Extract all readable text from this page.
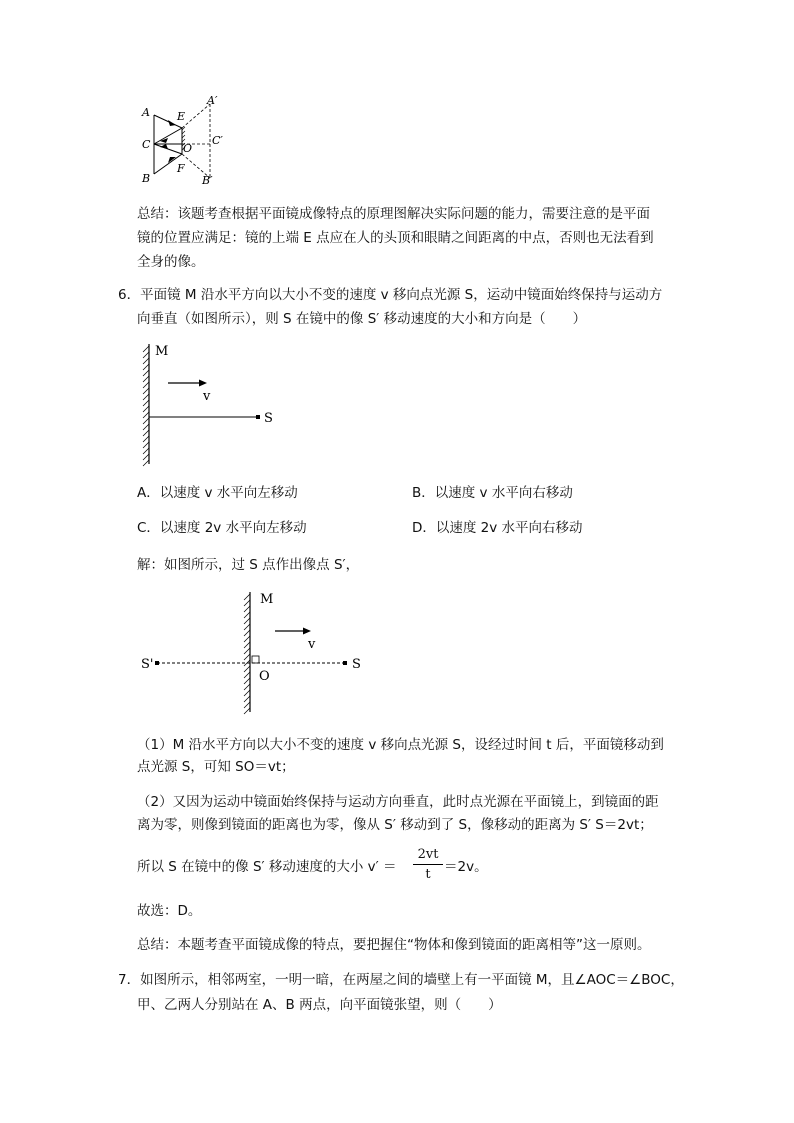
A
A′
E
C	O
C′
B
F
B′
总结：该题考查根据平面镜成像特点的原理图解决实际问题的能力，需要注意的是平面
镜的位置应满足：镜的上端 E 点应在人的头顶和眼睛之间距离的中点，否则也无法看到
全身的像。
6．平面镜 M 沿水平方向以大小不变的速度 v 移向点光源 S，运动中镜面始终保持与运动方
向垂直（如图所示），则 S 在镜中的像 S′ 移动速度的大小和方向是（　　）
M
v
S
A．以速度 v 水平向左移动	B．以速度 v 水平向右移动
C．以速度 2v 水平向左移动	D．以速度 2v 水平向右移动
解：如图所示，过 S 点作出像点 S′，
M
v
S'	S
O
（1）M 沿水平方向以大小不变的速度 v 移向点光源 S，设经过时间 t 后，平面镜移动到
点光源 S，可知 SO＝vt；
（2）又因为运动中镜面始终保持与运动方向垂直，此时点光源在平面镜上，到镜面的距
离为零，则像到镜面的距离也为零，像从 S′ 移动到了 S，像移动的距离为 S′ S＝2vt；
所以 S 在镜中的像 S′ 移动速度的大小 v′ ＝
2vt
t ＝2v。
故选：D。
总结：本题考查平面镜成像的特点，要把握住“物体和像到镜面的距离相等”这一原则。
7．如图所示，相邻两室，一明一暗，在两屋之间的墙壁上有一平面镜 M，且∠AOC＝∠BOC，
甲、乙两人分别站在 A、B 两点，向平面镜张望，则（　　）
